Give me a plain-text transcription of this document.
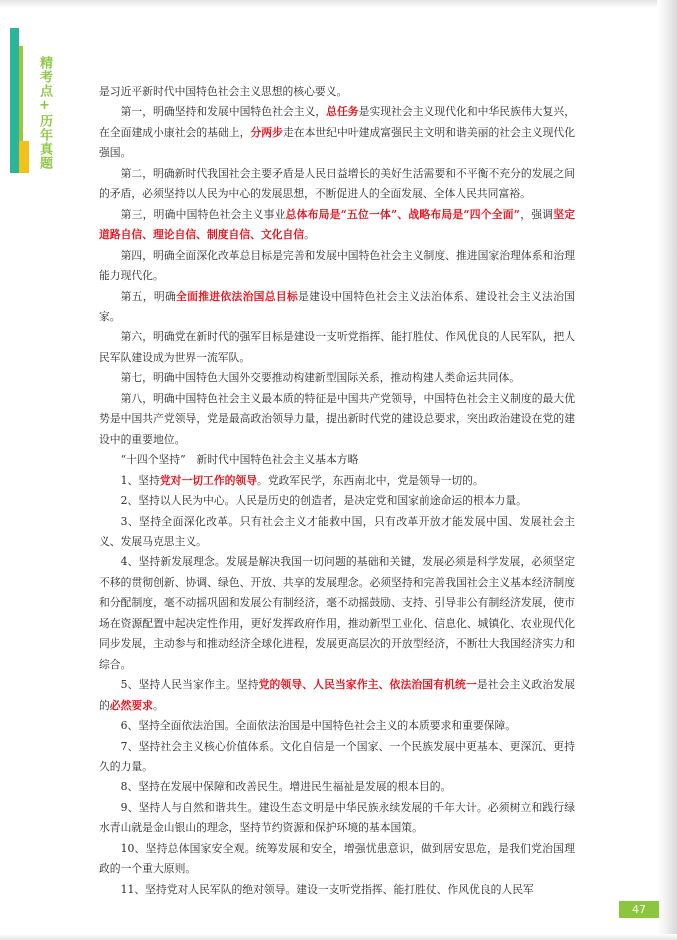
精考点+历年真题	是习近平新时代中国特色社会主义思想的核心要义。

第一，明确坚持和发展中国特色社会主义，总任务是实现社会主义现代化和中华民族伟大复兴，在全面建成小康社会的基础上，分两步走在本世纪中叶建成富强民主文明和谐美丽的社会主义现代化强国。

第二，明确新时代我国社会主要矛盾是人民日益增长的美好生活需要和不平衡不充分的发展之间的矛盾，必须坚持以人民为中心的发展思想，不断促进人的全面发展、全体人民共同富裕。

第三，明确中国特色社会主义事业总体布局是“五位一体”、战略布局是“四个全面”，强调坚定道路自信、理论自信、制度自信、文化自信。

第四，明确全面深化改革总目标是完善和发展中国特色社会主义制度、推进国家治理体系和治理能力现代化。

第五，明确全面推进依法治国总目标是建设中国特色社会主义法治体系、建设社会主义法治国家。

第六，明确党在新时代的强军目标是建设一支听党指挥、能打胜仗、作风优良的人民军队，把人民军队建设成为世界一流军队。

第七，明确中国特色大国外交要推动构建新型国际关系，推动构建人类命运共同体。

第八，明确中国特色社会主义最本质的特征是中国共产党领导，中国特色社会主义制度的最大优势是中国共产党领导，党是最高政治领导力量，提出新时代党的建设总要求，突出政治建设在党的建设中的重要地位。

“十四个坚持”　新时代中国特色社会主义基本方略

1、坚持党对一切工作的领导。党政军民学，东西南北中，党是领导一切的。

2、坚持以人民为中心。人民是历史的创造者，是决定党和国家前途命运的根本力量。

3、坚持全面深化改革。只有社会主义才能救中国，只有改革开放才能发展中国、发展社会主义、发展马克思主义。

4、坚持新发展理念。发展是解决我国一切问题的基础和关键，发展必须是科学发展，必须坚定不移的贯彻创新、协调、绿色、开放、共享的发展理念。必须坚持和完善我国社会主义基本经济制度和分配制度，毫不动摇巩固和发展公有制经济，毫不动摇鼓励、支持、引导非公有制经济发展，使市场在资源配置中起决定性作用，更好发挥政府作用，推动新型工业化、信息化、城镇化、农业现代化同步发展，主动参与和推动经济全球化进程，发展更高层次的开放型经济，不断壮大我国经济实力和综合。

5、坚持人民当家作主。坚持党的领导、人民当家作主、依法治国有机统一是社会主义政治发展的必然要求。

6、坚持全面依法治国。全面依法治国是中国特色社会主义的本质要求和重要保障。

7、坚持社会主义核心价值体系。文化自信是一个国家、一个民族发展中更基本、更深沉、更持久的力量。

8、坚持在发展中保障和改善民生。增进民生福祉是发展的根本目的。

9、坚持人与自然和谐共生。建设生态文明是中华民族永续发展的千年大计。必须树立和践行绿水青山就是金山银山的理念，坚持节约资源和保护环境的基本国策。

10、坚持总体国家安全观。统筹发展和安全，增强忧患意识，做到居安思危，是我们党治国理政的一个重大原则。

11、坚持党对人民军队的绝对领导。建设一支听党指挥、能打胜仗、作风优良的人民军

47
